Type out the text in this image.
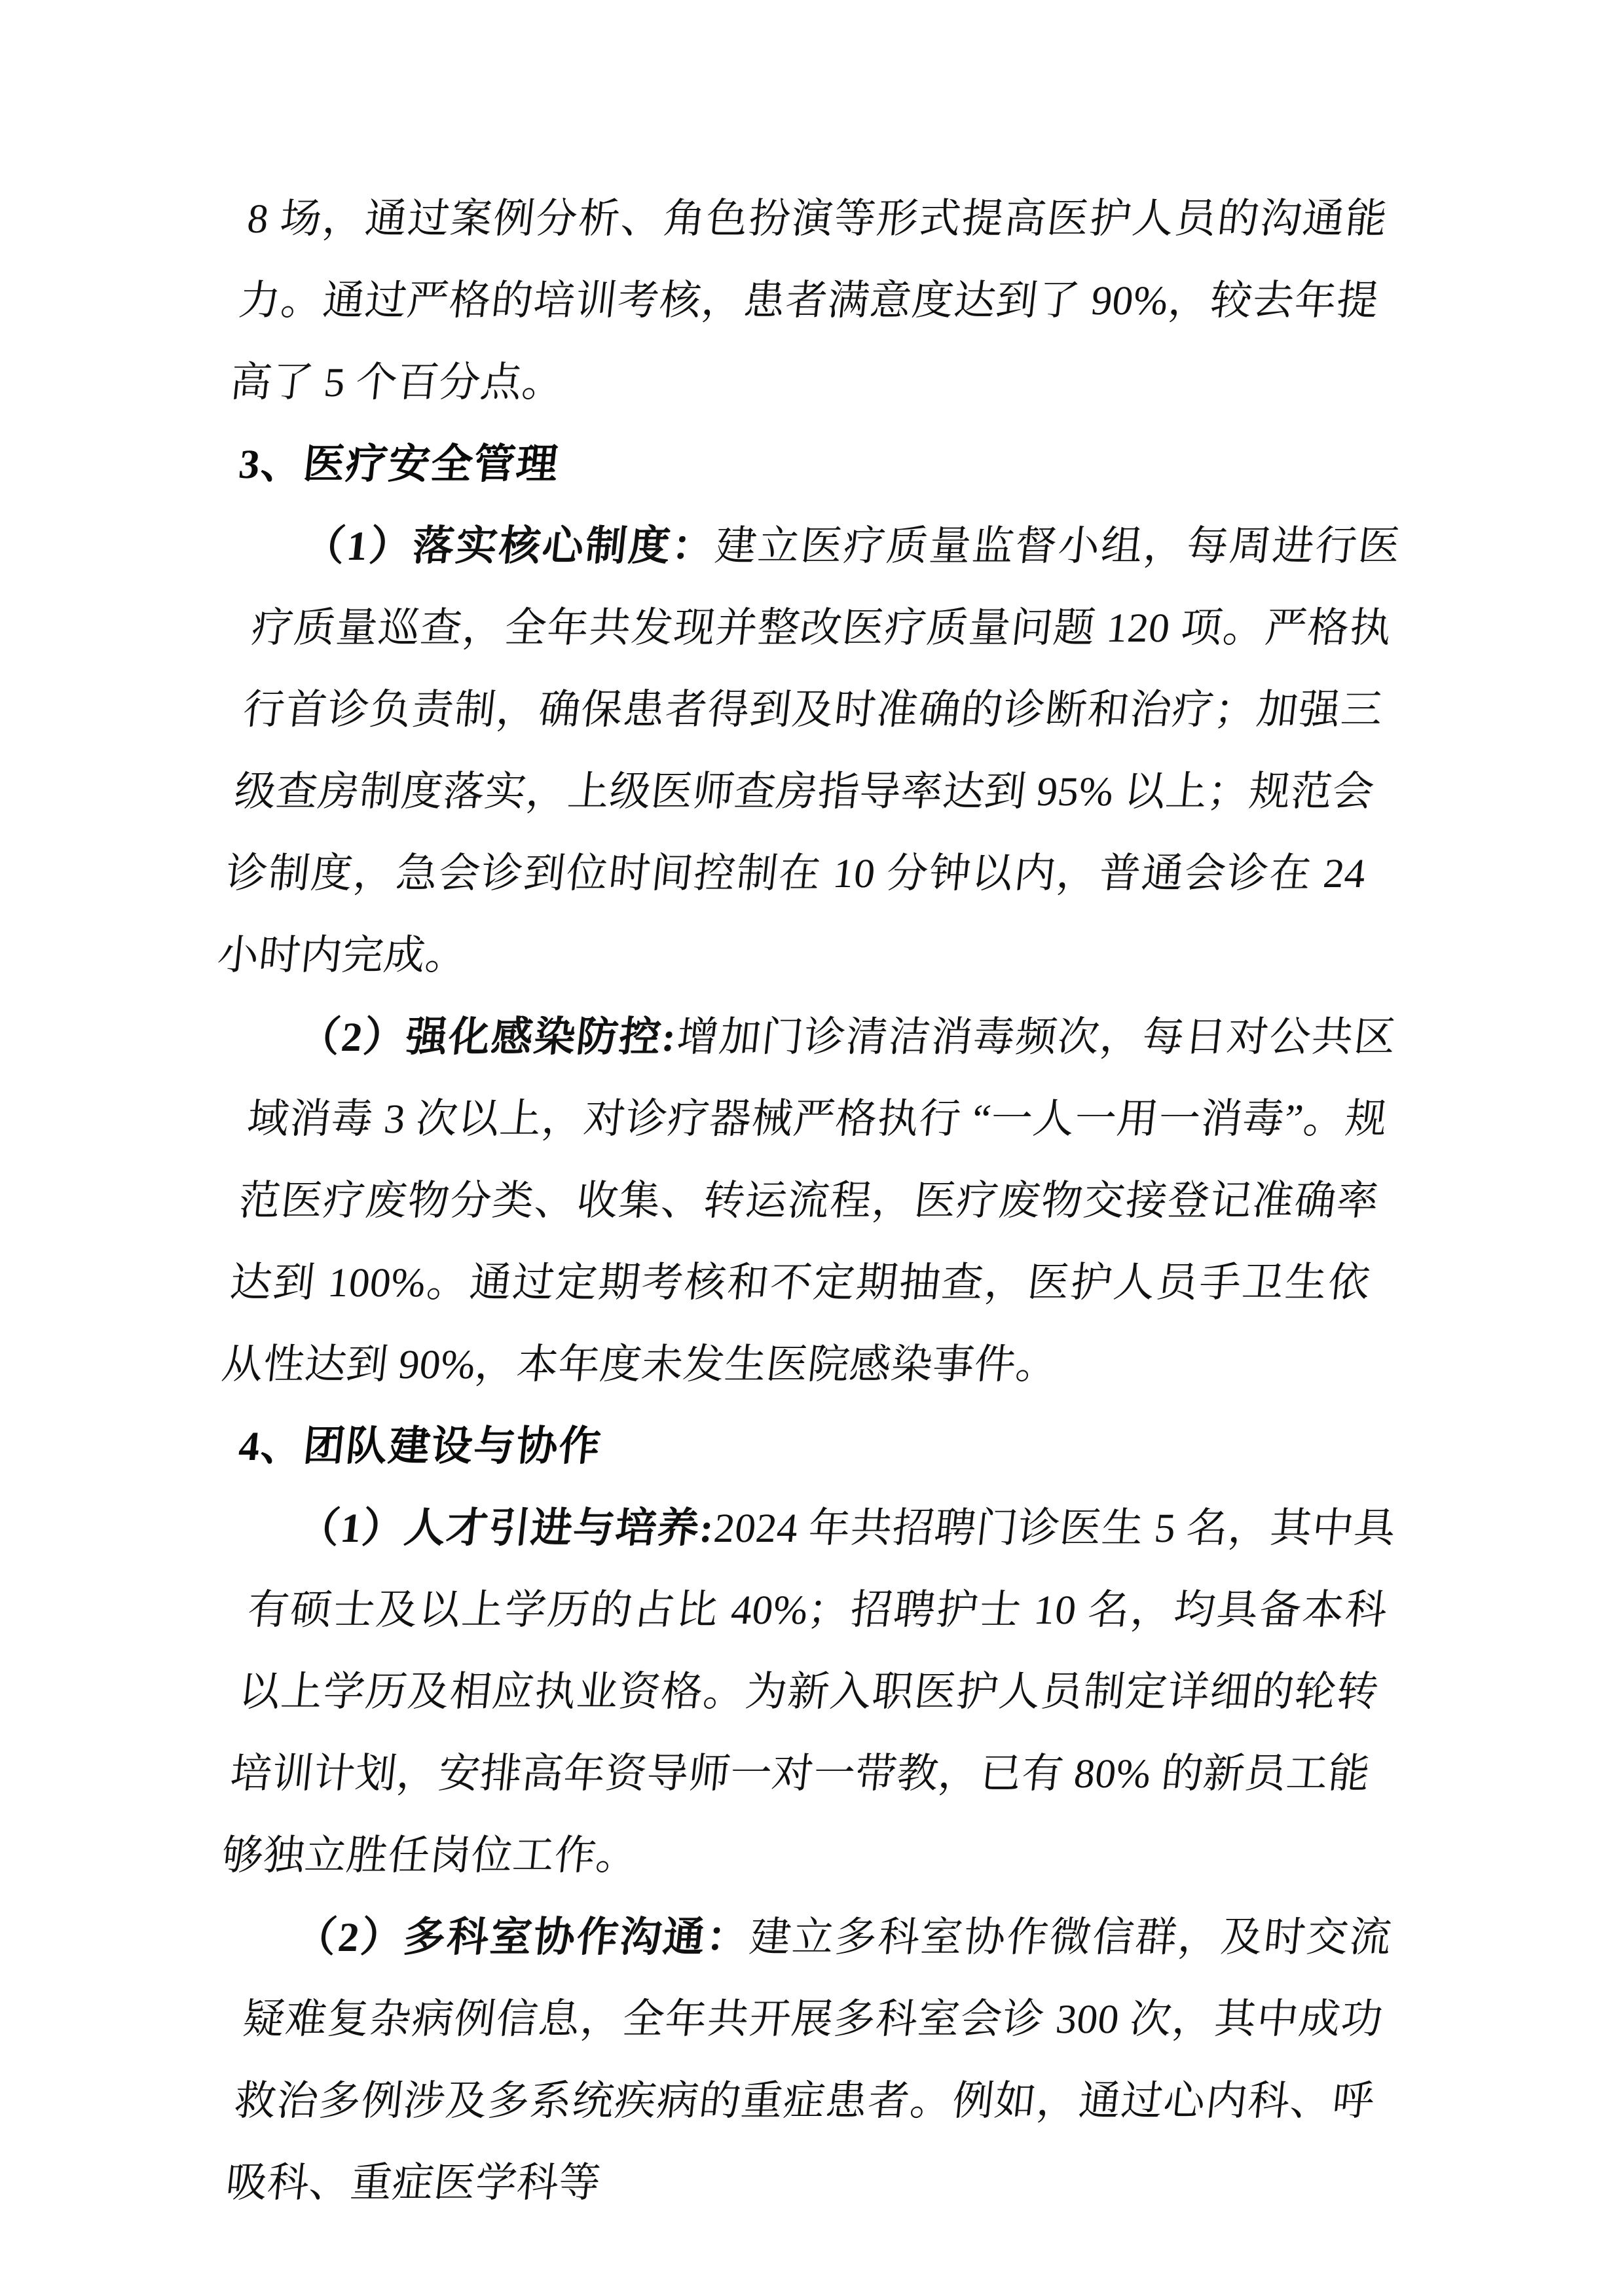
8 场，通过案例分析、角色扮演等形式提高医护人员的沟通能力。通过严格的培训考核，患者满意度达到了 90%，较去年提高了 5 个百分点。

3、医疗安全管理

（1）落实核心制度：建立医疗质量监督小组，每周进行医疗质量巡查，全年共发现并整改医疗质量问题 120 项。严格执行首诊负责制，确保患者得到及时准确的诊断和治疗；加强三级查房制度落实，上级医师查房指导率达到 95% 以上；规范会诊制度，急会诊到位时间控制在 10 分钟以内，普通会诊在 24 小时内完成。

（2）强化感染防控:增加门诊清洁消毒频次，每日对公共区域消毒 3 次以上，对诊疗器械严格执行 “一人一用一消毒”。规范医疗废物分类、收集、转运流程，医疗废物交接登记准确率达到 100%。通过定期考核和不定期抽查，医护人员手卫生依从性达到 90%，本年度未发生医院感染事件。

4、团队建设与协作

（1）人才引进与培养:2024 年共招聘门诊医生 5 名，其中具有硕士及以上学历的占比 40%；招聘护士 10 名，均具备本科以上学历及相应执业资格。为新入职医护人员制定详细的轮转培训计划，安排高年资导师一对一带教，已有 80% 的新员工能够独立胜任岗位工作。

（2）多科室协作沟通：建立多科室协作微信群，及时交流疑难复杂病例信息，全年共开展多科室会诊 300 次，其中成功救治多例涉及多系统疾病的重症患者。例如，通过心内科、呼吸科、重症医学科等
